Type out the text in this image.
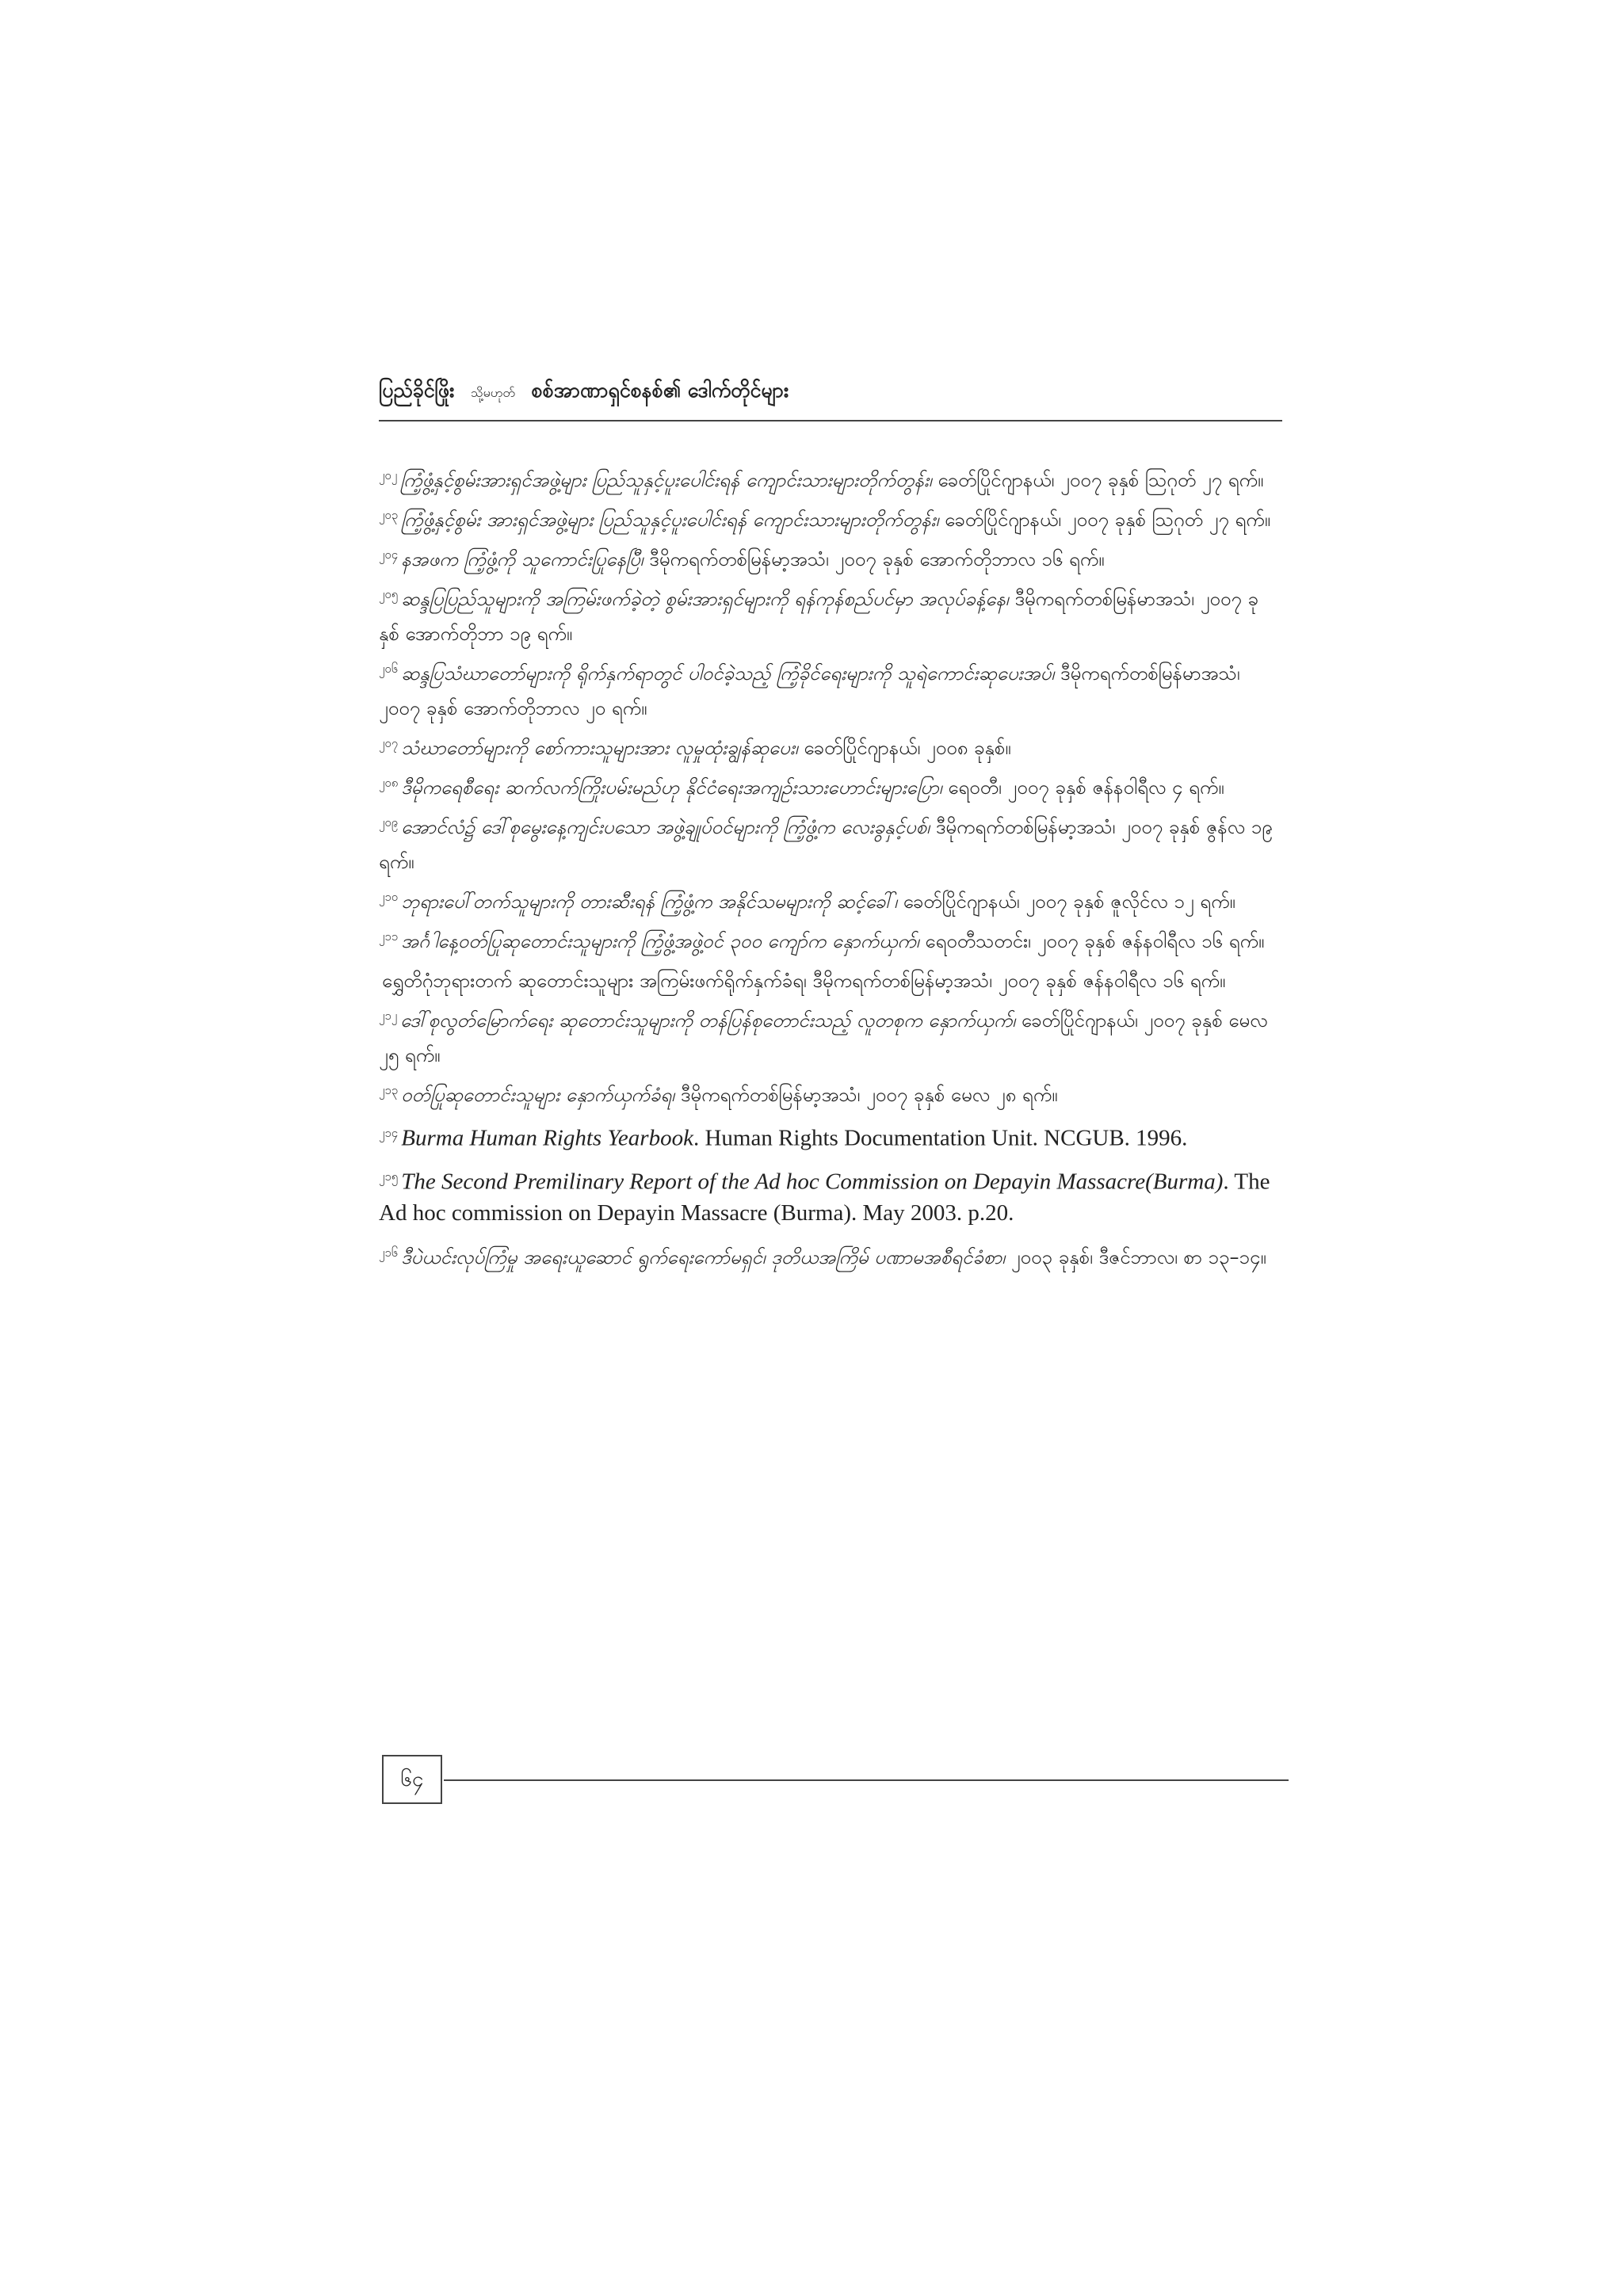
ပြည်ခိုင်ဖြိုး သို့မဟုတ် စစ်အာဏာရှင်စနစ်၏ ဒေါက်တိုင်များ

$^{၂၀၂}$ ကြံ့ဖွံ့နှင့်စွမ်းအားရှင်အဖွဲ့များ ပြည်သူနှင့်ပူးပေါင်းရန် ကျောင်းသားများတိုက်တွန်း၊ ခေတ်ပြိုင်ဂျာနယ်၊ ၂၀၀၇ ခုနှစ် ဩဂုတ် ၂၇ ရက်။

$^{၂၀၃}$ ကြံ့ဖွံ့နှင့်စွမ်း အားရှင်အဖွဲ့များ ပြည်သူနှင့်ပူးပေါင်းရန် ကျောင်းသားများတိုက်တွန်း၊ ခေတ်ပြိုင်ဂျာနယ်၊ ၂၀၀၇ ခုနှစ် ဩဂုတ် ၂၇ ရက်။

$^{၂၀၄}$ နအဖက ကြံ့ဖွံ့ကို သူကောင်းပြုနေပြီ၊ ဒီမိုကရက်တစ်မြန်မာ့အသံ၊ ၂၀၀၇ ခုနှစ် အောက်တိုဘာလ ၁၆ ရက်။

$^{၂၀၅}$ ဆန္ဒပြပြည်သူများကို အကြမ်းဖက်ခဲ့တဲ့ စွမ်းအားရှင်များကို ရန်ကုန်စည်ပင်မှာ အလုပ်ခန့်နေ၊ ဒီမိုကရက်တစ်မြန်မာအသံ၊ ၂၀၀၇ ခုနှစ် အောက်တိုဘာ ၁၉ ရက်။

$^{၂၀၆}$ ဆန္ဒပြသံဃာတော်များကို ရိုက်နှက်ရာတွင် ပါဝင်ခဲ့သည့် ကြံ့ခိုင်ရေးများကို သူရဲကောင်းဆုပေးအပ်၊ ဒီမိုကရက်တစ်မြန်မာအသံ၊ ၂၀၀၇ ခုနှစ် အောက်တိုဘာလ ၂၀ ရက်။

$^{၂၀၇}$ သံဃာတော်များကို စော်ကားသူများအား လူမှုထုံးချွန်ဆုပေး၊ ခေတ်ပြိုင်ဂျာနယ်၊ ၂၀၀၈ ခုနှစ်။

$^{၂၀၈}$ ဒီမိုကရေစီရေး ဆက်လက်ကြိုးပမ်းမည်ဟု နိုင်ငံရေးအကျဉ်းသားဟောင်းများပြော၊ ရေဝတီ၊ ၂၀၀၇ ခုနှစ် ဇန်နဝါရီလ ၄ ရက်။

$^{၂၀၉}$ အောင်လံ၌ ဒေါ်စုမွေးနေ့ကျင်းပသော အဖွဲ့ချုပ်ဝင်များကို ကြံ့ဖွံ့က လေးခွနှင့်ပစ်၊ ဒီမိုကရက်တစ်မြန်မာ့အသံ၊ ၂၀၀၇ ခုနှစ် ဇွန်လ ၁၉ ရက်။

$^{၂၁၀}$ ဘုရားပေါ်တက်သူများကို တားဆီးရန် ကြံ့ဖွံ့က အနိုင်သမများကို ဆင့်ခေါ်၊ ခေတ်ပြိုင်ဂျာနယ်၊ ၂၀၀၇ ခုနှစ် ဇူလိုင်လ ၁၂ ရက်။

$^{၂၁၁}$ အင်္ဂါနေ့ဝတ်ပြုဆုတောင်းသူများကို ကြံ့ဖွံ့အဖွဲ့ဝင် ၃၀၀ ကျော်က နှောက်ယှက်၊ ရေဝတီသတင်း၊ ၂၀၀၇ ခုနှစ် ဇန်နဝါရီလ ၁၆ ရက်။

ရွှေတိဂုံဘုရားတက် ဆုတောင်းသူများ အကြမ်းဖက်ရိုက်နှက်ခံရ၊ ဒီမိုကရက်တစ်မြန်မာ့အသံ၊ ၂၀၀၇ ခုနှစ် ဇန်နဝါရီလ ၁၆ ရက်။

$^{၂၁၂}$ ဒေါ်စုလွတ်မြောက်ရေး ဆုတောင်းသူများကို တန်ပြန်စုတောင်းသည့် လူတစုက နှောက်ယှက်၊ ခေတ်ပြိုင်ဂျာနယ်၊ ၂၀၀၇ ခုနှစ် မေလ ၂၅ ရက်။

$^{၂၁၃}$ ဝတ်ပြုဆုတောင်းသူများ နှောက်ယှက်ခံရ၊ ဒီမိုကရက်တစ်မြန်မာ့အသံ၊ ၂၀၀၇ ခုနှစ် မေလ ၂၈ ရက်။

$^{၂၁၄}$ Burma Human Rights Yearbook. Human Rights Documentation Unit. NCGUB. 1996.

$^{၂၁၅}$ The Second Premilinary Report of the Ad hoc Commission on Depayin Massacre(Burma). The Ad hoc commission on Depayin Massacre (Burma). May 2003. p.20.

$^{၂၁၆}$ ဒီပဲယင်းလုပ်ကြံမှု အရေးယူဆောင် ရွက်ရေးကော်မရှင်၊ ဒုတိယအကြိမ် ပဏာမအစီရင်ခံစာ၊ ၂၀၀၃ ခုနှစ်၊ ဒီဇင်ဘာလ၊ စာ ၁၃–၁၄။

၆၄
